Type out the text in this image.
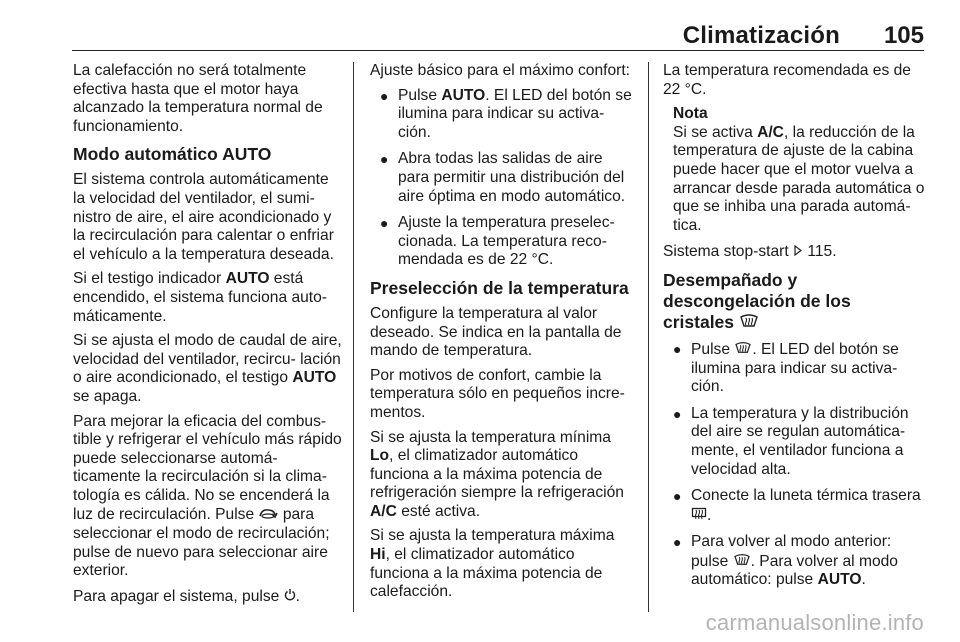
Climatización 105

La calefacción no será totalmente efectiva hasta que el motor haya alcanzado la temperatura normal de funcionamiento.

Modo automático AUTO

El sistema controla automáticamente la velocidad del ventilador, el sumi- nistro de aire, el aire acondicionado y la recirculación para calentar o enfriar el vehículo a la temperatura deseada.

Si el testigo indicador AUTO está encendido, el sistema funciona auto- máticamente.

Si se ajusta el modo de caudal de aire, velocidad del ventilador, recircu- lación o aire acondicionado, el testigo AUTO se apaga.

Para mejorar la eficacia del combus- tible y refrigerar el vehículo más rápido puede seleccionarse automá- ticamente la recirculación si la clima- tología es cálida. No se encenderá la luz de recirculación. Pulse  para seleccionar el modo de recirculación; pulse de nuevo para seleccionar aire exterior.

Para apagar el sistema, pulse .

Ajuste básico para el máximo confort:

● Pulse AUTO. El LED del botón se ilumina para indicar su activa- ción.
● Abra todas las salidas de aire para permitir una distribución del aire óptima en modo automático.
● Ajuste la temperatura preselec- cionada. La temperatura reco- mendada es de 22 °C.
Preselección de la temperatura

Configure la temperatura al valor deseado. Se indica en la pantalla de mando de temperatura.

Por motivos de confort, cambie la temperatura sólo en pequeños incre- mentos.

Si se ajusta la temperatura mínima Lo, el climatizador automático funciona a la máxima potencia de refrigeración siempre la refrigeración A/C esté activa.

Si se ajusta la temperatura máxima Hi, el climatizador automático funciona a la máxima potencia de calefacción.

La temperatura recomendada es de 22 °C.

Nota
Si se activa A/C, la reducción de la temperatura de ajuste de la cabina puede hacer que el motor vuelva a arrancar desde parada automática o que se inhiba una parada automá- tica.

Sistema stop-start  115.

Desempañado y descongelación de los cristales
● Pulse . El LED del botón se ilumina para indicar su activa- ción.
● La temperatura y la distribución del aire se regulan automática- mente, el ventilador funciona a velocidad alta.
● Conecte la luneta térmica trasera .
● Para volver al modo anterior: pulse . Para volver al modo automático: pulse AUTO.
carmanualsonline.info
